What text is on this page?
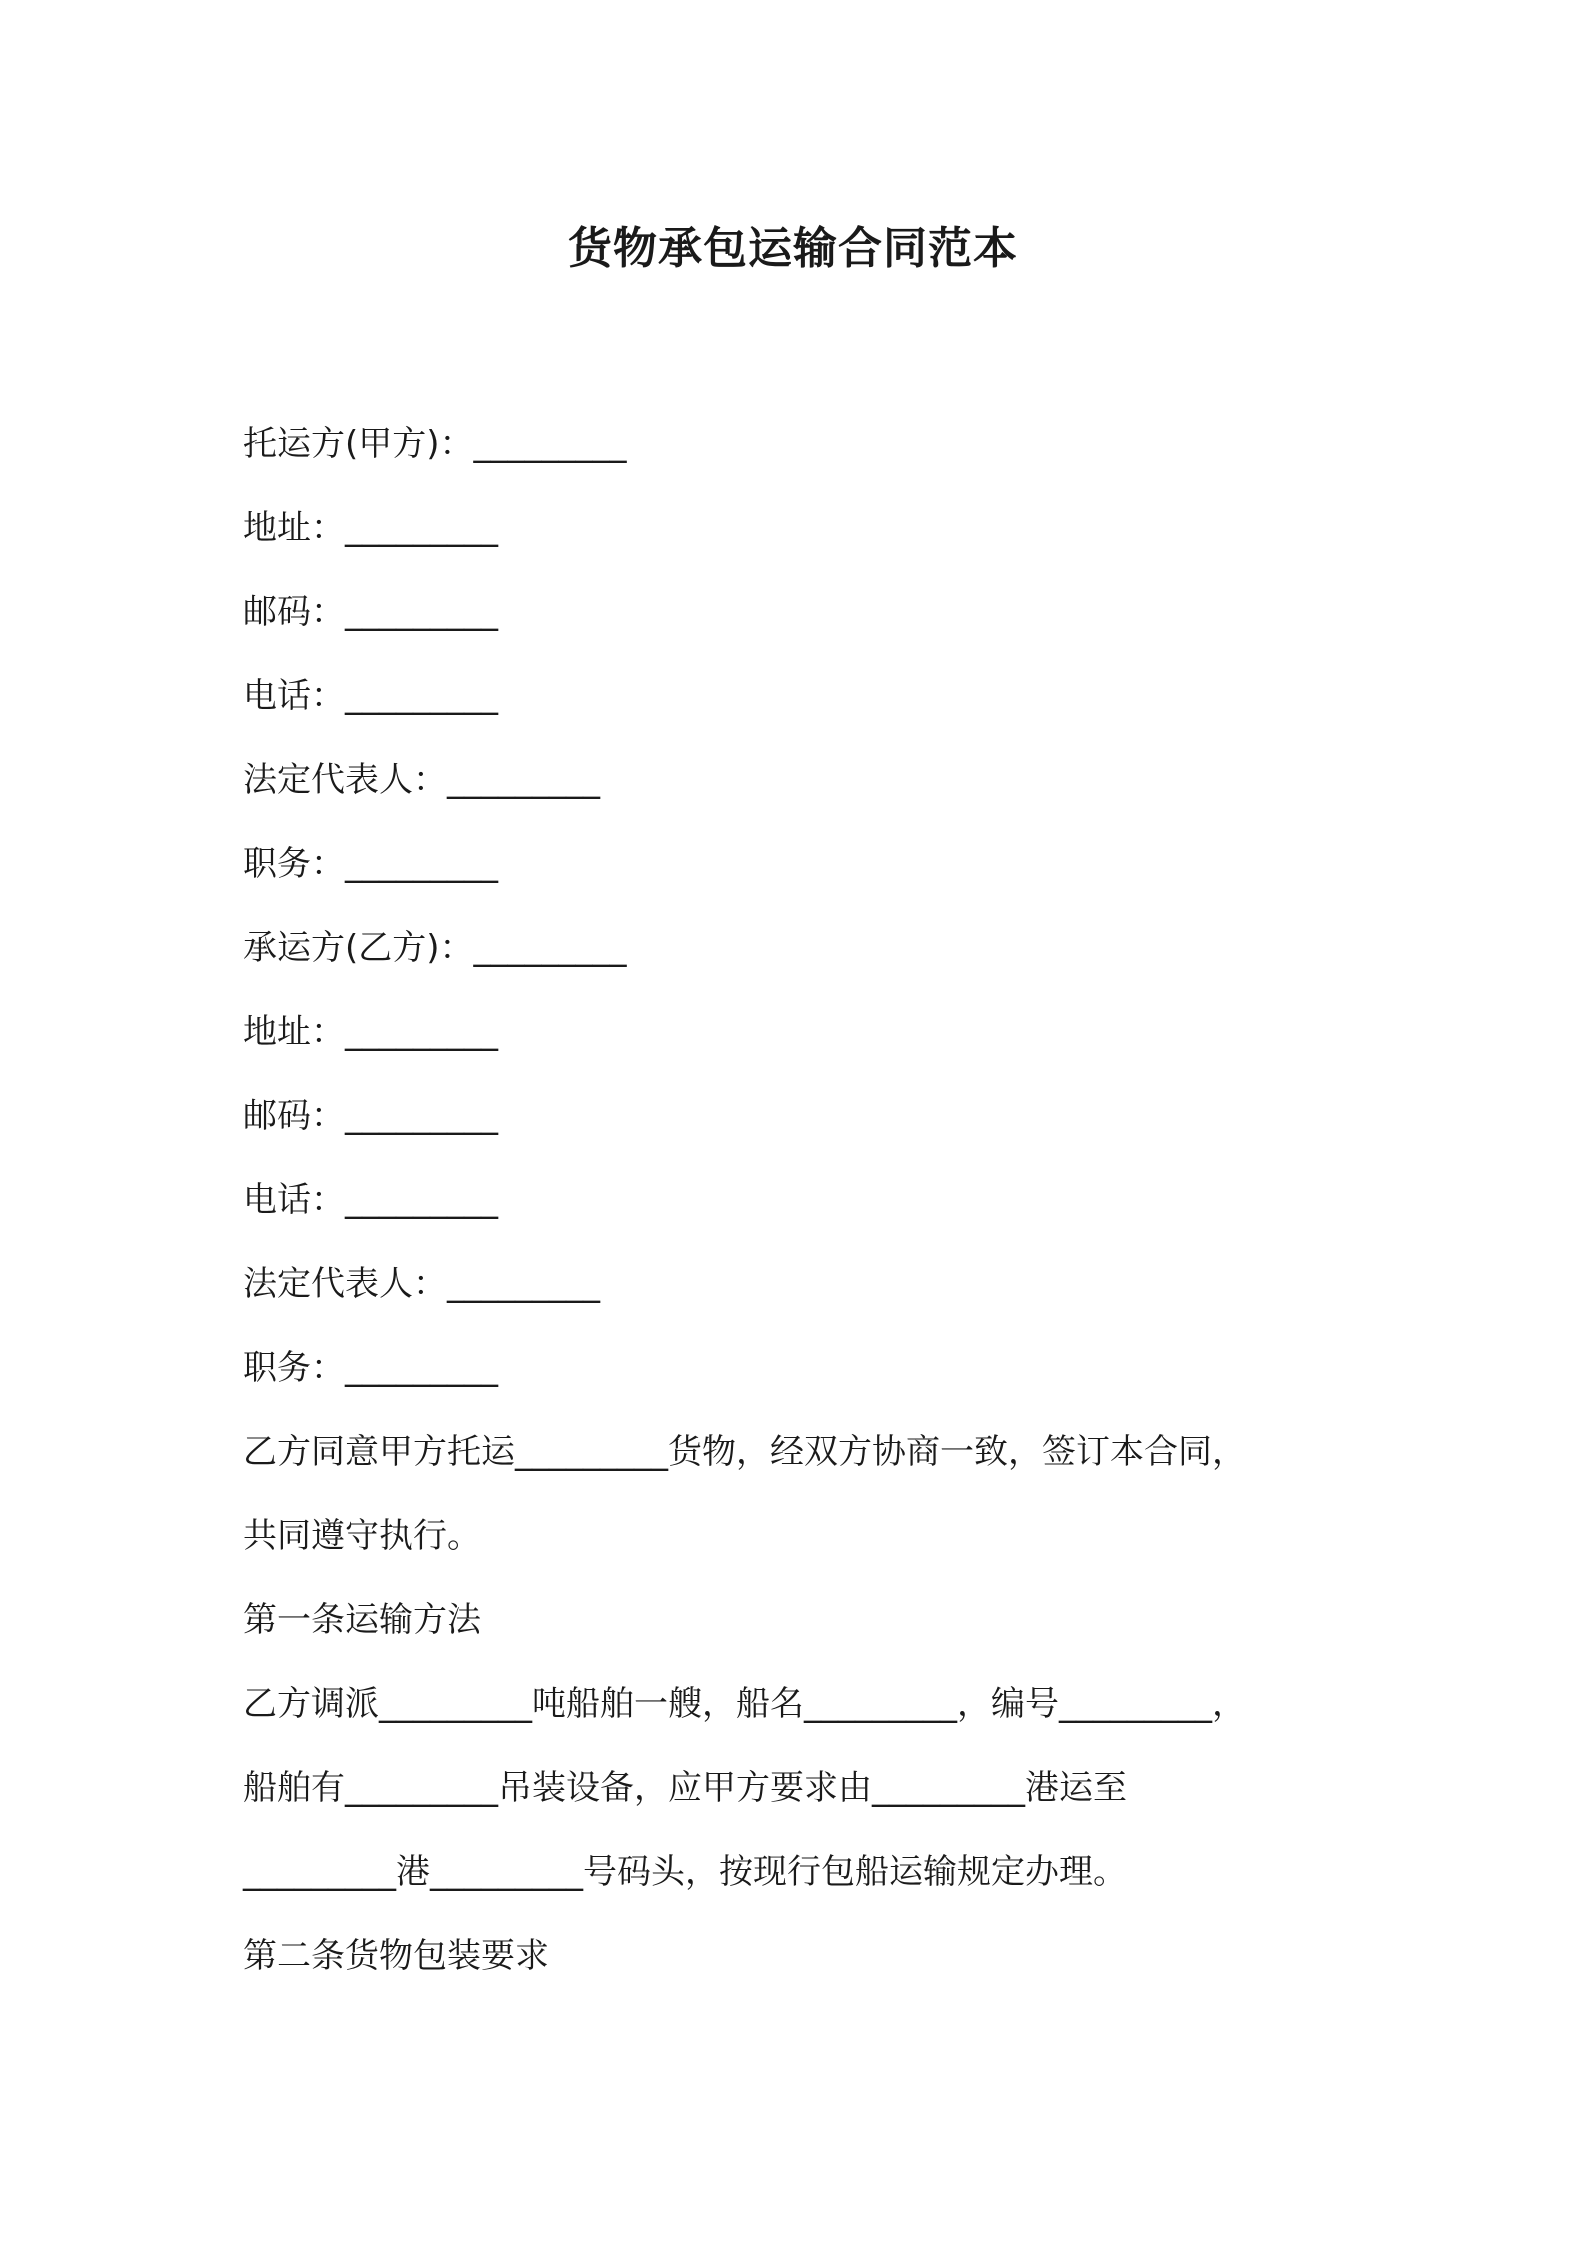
货物承包运输合同范本
托运方(甲方)：_________
地址：_________
邮码：_________
电话：_________
法定代表人：_________
职务：_________
承运方(乙方)：_________
地址：_________
邮码：_________
电话：_________
法定代表人：_________
职务：_________
乙方同意甲方托运_________货物，经双方协商一致，签订本合同，
共同遵守执行。
第一条运输方法
乙方调派_________吨船舶一艘，船名_________，编号_________，
船舶有_________吊装设备，应甲方要求由_________港运至
_________港_________号码头，按现行包船运输规定办理。
第二条货物包装要求
